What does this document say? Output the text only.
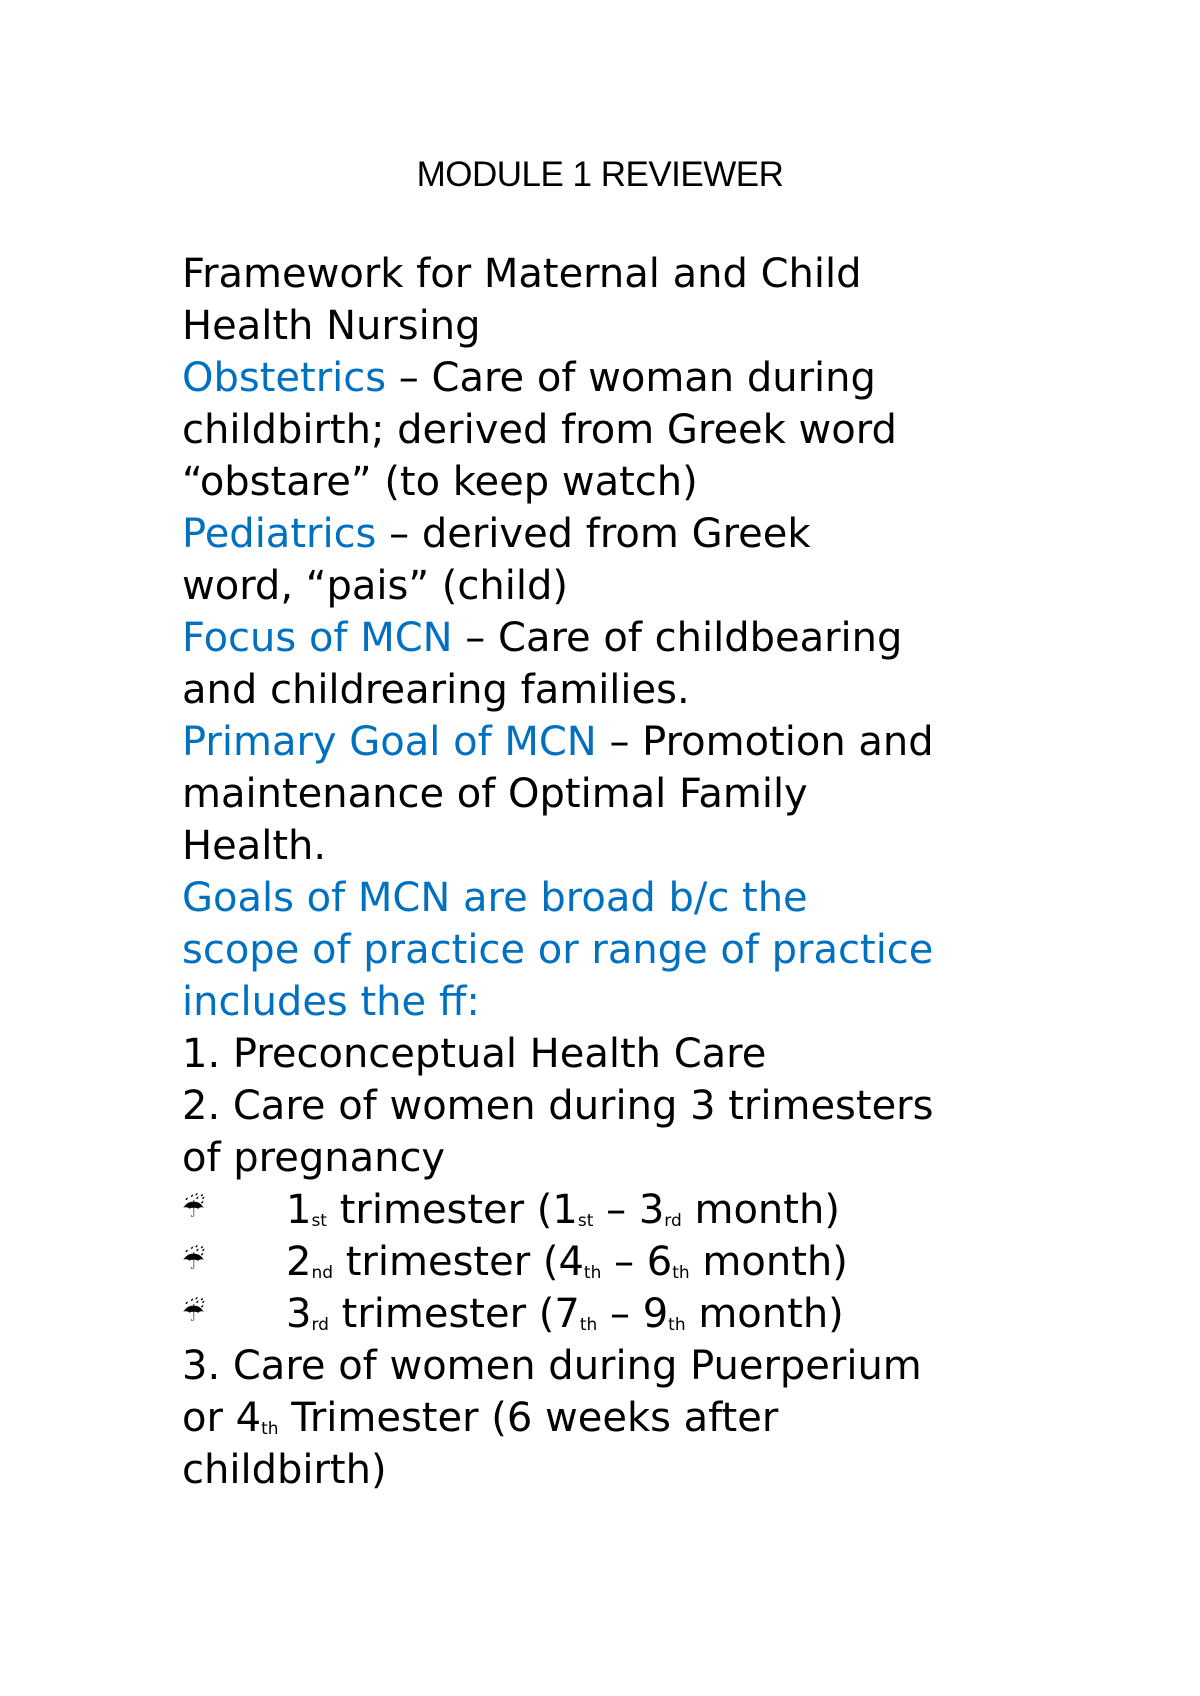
MODULE 1 REVIEWER
Framework for Maternal and Child
Health Nursing
Obstetrics – Care of woman during
childbirth; derived from Greek word
“obstare” (to keep watch)
Pediatrics – derived from Greek
word, “pais” (child)
Focus of MCN – Care of childbearing
and childrearing families.
Primary Goal of MCN – Promotion and
maintenance of Optimal Family
Health.
Goals of MCN are broad b/c the
scope of practice or range of practice
includes the ff:
1. Preconceptual Health Care
2. Care of women during 3 trimesters
of pregnancy
☔ 1st trimester (1st – 3rd month)
☔ 2nd trimester (4th – 6th month)
☔ 3rd trimester (7th – 9th month)
3. Care of women during Puerperium
or 4th Trimester (6 weeks after
childbirth)
